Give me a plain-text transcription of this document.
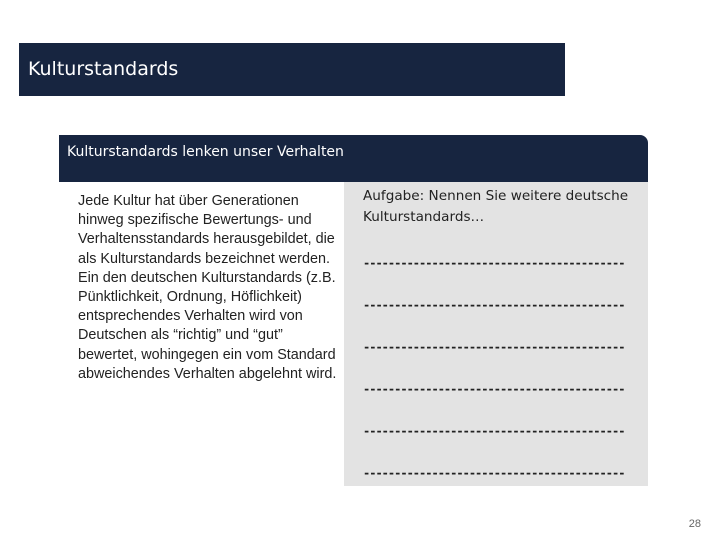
Kulturstandards
Kulturstandards lenken unser Verhalten
Jede Kultur hat über Generationen hinweg spezifische Bewertungs- und Verhaltensstandards herausgebildet, die als Kulturstandards bezeichnet werden. Ein den deutschen Kulturstandards (z.B. Pünktlichkeit, Ordnung, Höflichkeit) entsprechendes Verhalten wird von Deutschen als “richtig” und “gut” bewertet, wohingegen ein vom Standard abweichendes Verhalten abgelehnt wird.
Aufgabe: Nennen Sie weitere deutsche Kulturstandards…
------------------------------------------
------------------------------------------
------------------------------------------
------------------------------------------
------------------------------------------
------------------------------------------
28
